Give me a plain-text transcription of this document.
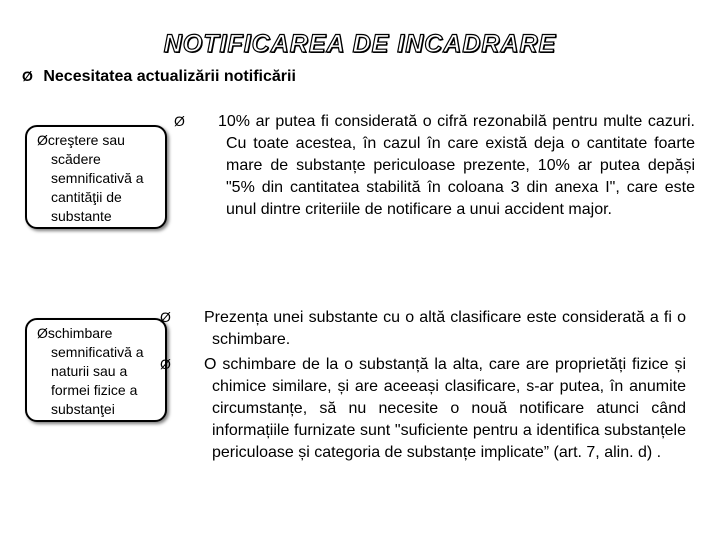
NOTIFICAREA DE INCADRARE
Ø Necesitatea actualizării notificării
Øcreştere sau
scădere semnificativă a cantităţii de substante
Øschimbare
semnificativă a naturii sau a formei fizice a substanţei
Ø 10% ar putea fi considerată o cifră rezonabilă pentru multe cazuri. Cu toate acestea, în cazul în care există deja o cantitate foarte mare de substanțe periculoase prezente, 10% ar putea depăși "5% din cantitatea stabilită în coloana 3 din anexa I", care este unul dintre criteriile de notificare a unui accident major.
Ø Prezența unei substante cu o altă clasificare este considerată a fi o schimbare.
Ø O schimbare de la o substanță la alta, care are proprietăți fizice și chimice similare, și are aceeași clasificare, s-ar putea, în anumite circumstanțe, să nu necesite o nouă notificare atunci când informațiile furnizate sunt "suficiente pentru a identifica substanțele periculoase și categoria de substanțe implicate” (art. 7, alin. d) .
